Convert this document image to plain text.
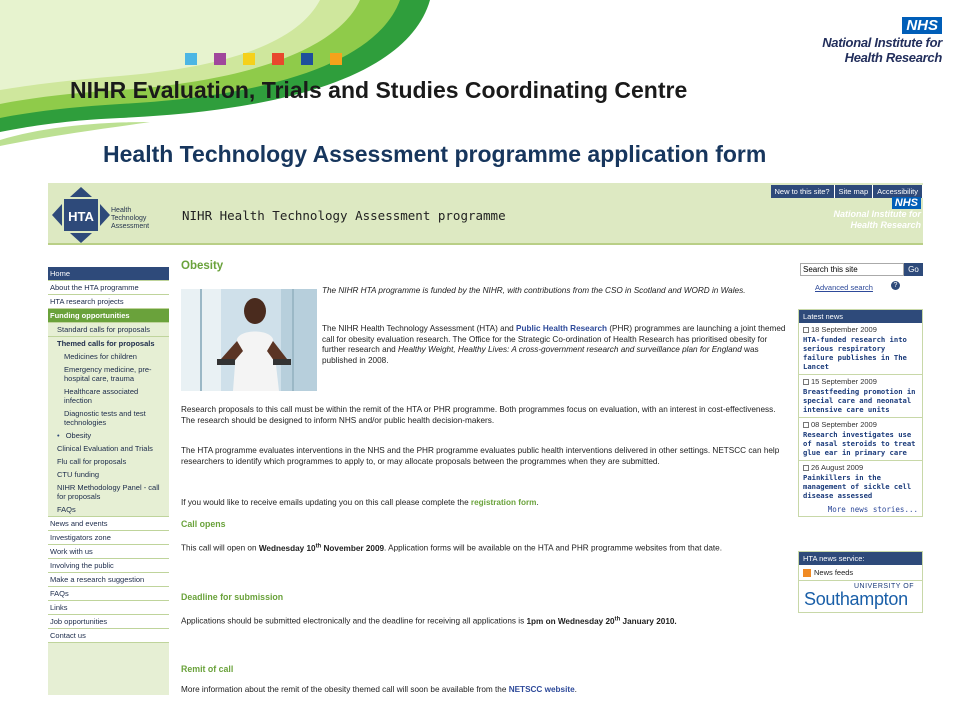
NHS
National Institute for
Health Research
NIHR Evaluation, Trials and Studies Coordinating Centre
Health Technology Assessment programme application form
HTA Health
Technology
Assessment
NIHR Health Technology Assessment programme
New to this site?	Site map	Accessibility
NHS
National Institute for
Health Research
Home
About the HTA programme
HTA research projects
Funding opportunities
Standard calls for proposals
Themed calls for proposals
Medicines for children
Emergency medicine, pre-hospital care, trauma
Healthcare associated infection
Diagnostic tests and test technologies
• Obesity
Clinical Evaluation and Trials
Flu call for proposals
CTU funding
NIHR Methodology Panel - call for proposals
FAQs
News and events
Investigators zone
Work with us
Involving the public
Make a research suggestion
FAQs
Links
Job opportunities
Contact us
Obesity
The NIHR HTA programme is funded by the NIHR, with contributions from the CSO in Scotland and WORD in Wales.
The NIHR Health Technology Assessment (HTA) and Public Health Research (PHR) programmes are launching a joint themed call for obesity evaluation research. The Office for the Strategic Co-ordination of Health Research has prioritised obesity for further research and Healthy Weight, Healthy Lives: A cross-government research and surveillance plan for England was published in 2008.
Research proposals to this call must be within the remit of the HTA or PHR programme. Both programmes focus on evaluation, with an interest in cost-effectiveness. The research should be designed to inform NHS and/or public health decision-makers.
The HTA programme evaluates interventions in the NHS and the PHR programme evaluates public health interventions delivered in other settings. NETSCC can help researchers to identify which programmes to apply to, or may allocate proposals between the programmes when they are submitted.
If you would like to receive emails updating you on this call please complete the registration form.
Call opens
This call will open on Wednesday 10th November 2009. Application forms will be available on the HTA and PHR programme websites from that date.
Deadline for submission
Applications should be submitted electronically and the deadline for receiving all applications is 1pm on Wednesday 20th January 2010.
Remit of call
More information about the remit of the obesity themed call will soon be available from the NETSCC website.
Search this site
Go
Advanced search	?
Latest news
18 September 2009
HTA-funded research into serious respiratory failure publishes in The Lancet
15 September 2009
Breastfeeding promotion in special care and neonatal intensive care units
08 September 2009
Research investigates use of nasal steroids to treat glue ear in primary care
26 August 2009
Painkillers in the management of sickle cell disease assessed
More news stories...
HTA news service:
News feeds
UNIVERSITY OF
Southampton
